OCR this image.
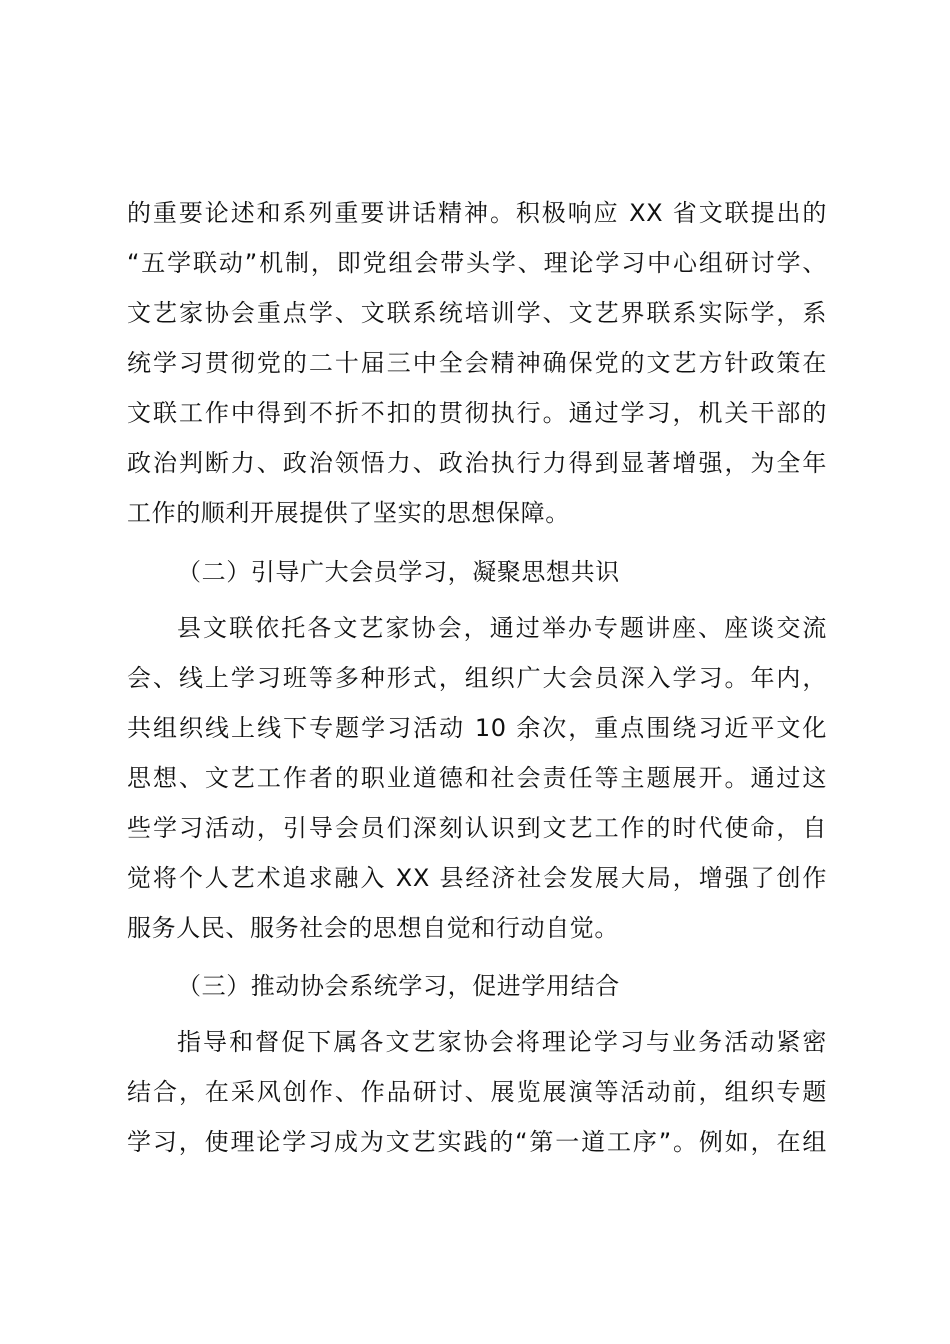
的重要论述和系列重要讲话精神。积极响应 XX 省文联提出的
“五学联动”机制，即党组会带头学、理论学习中心组研讨学、
文艺家协会重点学、文联系统培训学、文艺界联系实际学，系
统学习贯彻党的二十届三中全会精神确保党的文艺方针政策在
文联工作中得到不折不扣的贯彻执行。通过学习，机关干部的
政治判断力、政治领悟力、政治执行力得到显著增强，为全年
工作的顺利开展提供了坚实的思想保障。
（二）引导广大会员学习，凝聚思想共识
县文联依托各文艺家协会，通过举办专题讲座、座谈交流
会、线上学习班等多种形式，组织广大会员深入学习。年内，
共组织线上线下专题学习活动 10 余次，重点围绕习近平文化
思想、文艺工作者的职业道德和社会责任等主题展开。通过这
些学习活动，引导会员们深刻认识到文艺工作的时代使命，自
觉将个人艺术追求融入 XX 县经济社会发展大局，增强了创作
服务人民、服务社会的思想自觉和行动自觉。
（三）推动协会系统学习，促进学用结合
指导和督促下属各文艺家协会将理论学习与业务活动紧密
结合，在采风创作、作品研讨、展览展演等活动前，组织专题
学习，使理论学习成为文艺实践的“第一道工序”。例如，在组
